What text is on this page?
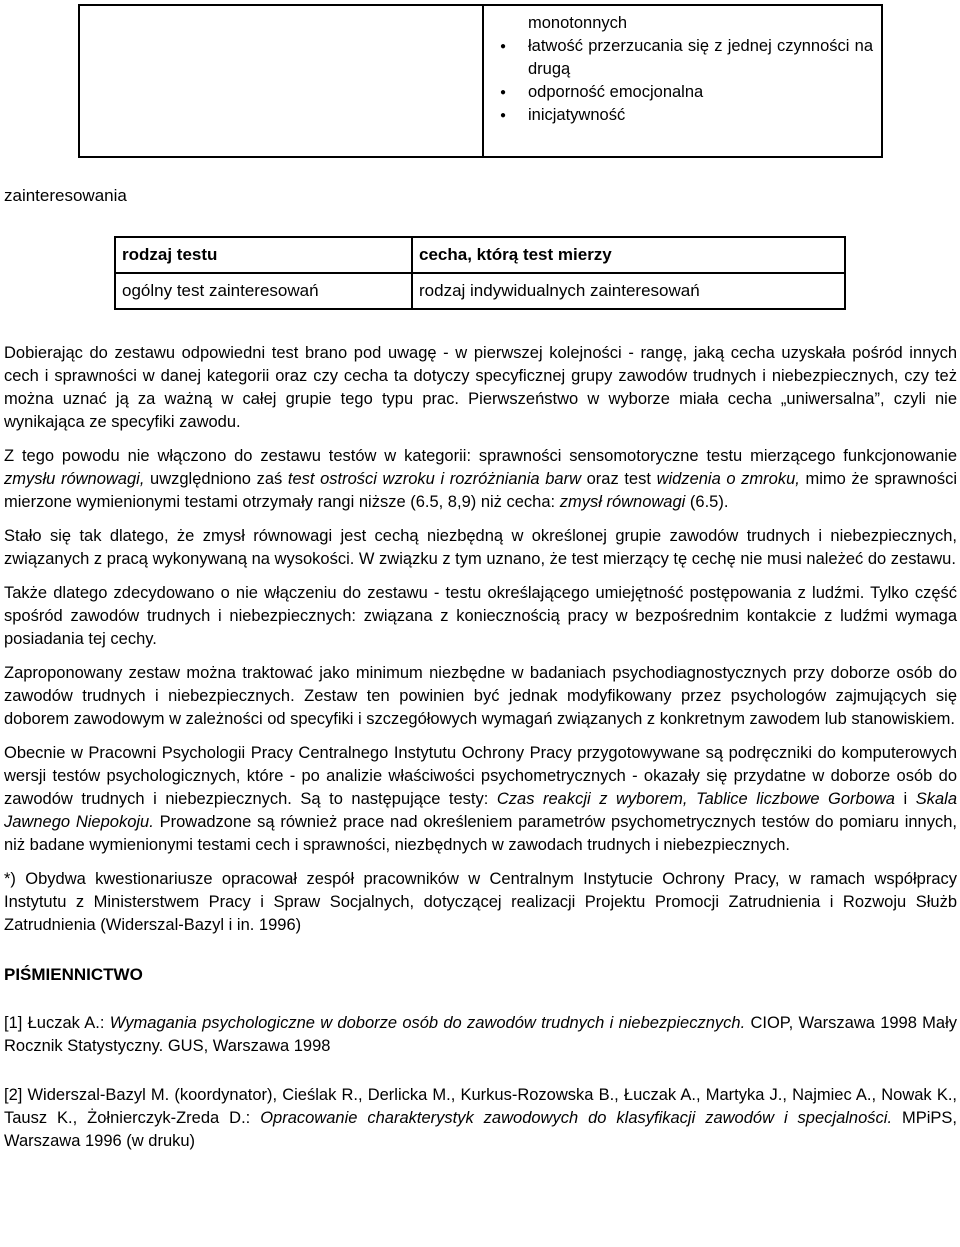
monotonnych
● łatwość przerzucania się z jednej czynności na drugą
● odporność emocjonalna
● inicjatywność
zainteresowania
rodzaj testu	cecha, którą test mierzy
ogólny test zainteresowań	rodzaj indywidualnych zainteresowań

Dobierając do zestawu odpowiedni test brano pod uwagę - w pierwszej kolejności - rangę, jaką cecha uzyskała pośród innych cech i sprawności w danej kategorii oraz czy cecha ta dotyczy specyficznej grupy zawodów trudnych i niebezpiecznych, czy też można uznać ją za ważną w całej grupie tego typu prac. Pierwszeństwo w wyborze miała cecha „uniwersalna”, czyli nie wynikająca ze specyfiki zawodu.

Z tego powodu nie włączono do zestawu testów w kategorii: sprawności sensomotoryczne testu mierzącego funkcjonowanie zmysłu równowagi, uwzględniono zaś test ostrości wzroku i rozróżniania barw oraz test widzenia o zmroku, mimo że sprawności mierzone wymienionymi testami otrzymały rangi niższe (6.5, 8,9) niż cecha: zmysł równowagi (6.5).

Stało się tak dlatego, że zmysł równowagi jest cechą niezbędną w określonej grupie zawodów trudnych i niebezpiecznych, związanych z pracą wykonywaną na wysokości. W związku z tym uznano, że test mierzący tę cechę nie musi należeć do zestawu.

Także dlatego zdecydowano o nie włączeniu do zestawu - testu określającego umiejętność postępowania z ludźmi. Tylko część spośród zawodów trudnych i niebezpiecznych: związana z koniecznością pracy w bezpośrednim kontakcie z ludźmi wymaga posiadania tej cechy.

Zaproponowany zestaw można traktować jako minimum niezbędne w badaniach psychodiagnostycznych przy doborze osób do zawodów trudnych i niebezpiecznych. Zestaw ten powinien być jednak modyfikowany przez psychologów zajmujących się doborem zawodowym w zależności od specyfiki i szczegółowych wymagań związanych z konkretnym zawodem lub stanowiskiem.

Obecnie w Pracowni Psychologii Pracy Centralnego Instytutu Ochrony Pracy przygotowywane są podręczniki do komputerowych wersji testów psychologicznych, które - po analizie właściwości psychometrycznych - okazały się przydatne w doborze osób do zawodów trudnych i niebezpiecznych. Są to następujące testy: Czas reakcji z wyborem, Tablice liczbowe Gorbowa i Skala Jawnego Niepokoju. Prowadzone są również prace nad określeniem parametrów psychometrycznych testów do pomiaru innych, niż badane wymienionymi testami cech i sprawności, niezbędnych w zawodach trudnych i niebezpiecznych.

*) Obydwa kwestionariusze opracował zespół pracowników w Centralnym Instytucie Ochrony Pracy, w ramach współpracy Instytutu z Ministerstwem Pracy i Spraw Socjalnych, dotyczącej realizacji Projektu Promocji Zatrudnienia i Rozwoju Służb Zatrudnienia (Widerszal-Bazyl i in. 1996)

PIŚMIENNICTWO

[1] Łuczak A.: Wymagania psychologiczne w doborze osób do zawodów trudnych i niebezpiecznych. CIOP, Warszawa 1998 Mały Rocznik Statystyczny. GUS, Warszawa 1998

[2] Widerszal-Bazyl M. (koordynator), Cieślak R., Derlicka M., Kurkus-Rozowska B., Łuczak A., Martyka J., Najmiec A., Nowak K., Tausz K., Żołnierczyk-Zreda D.: Opracowanie charakterystyk zawodowych do klasyfikacji zawodów i specjalności. MPiPS, Warszawa 1996 (w druku)
